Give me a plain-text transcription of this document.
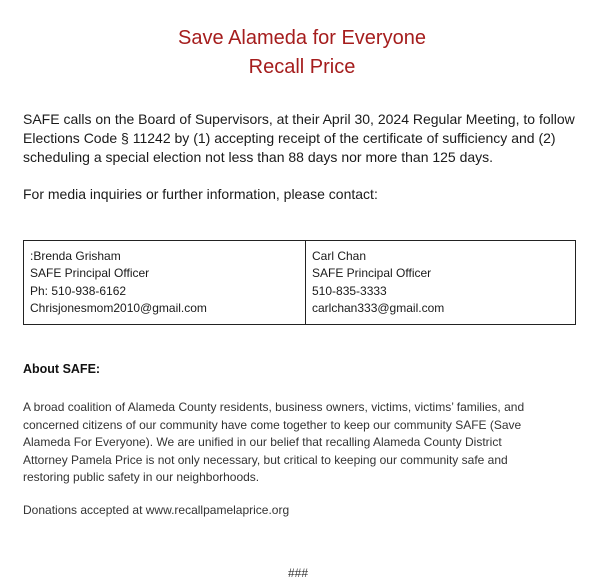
Save Alameda for Everyone
Recall Price
SAFE calls on the Board of Supervisors, at their April 30, 2024 Regular Meeting, to follow
Elections Code § 11242 by (1) accepting receipt of the certificate of sufficiency and (2)
scheduling a special election not less than 88 days nor more than 125 days.
For media inquiries or further information, please contact:
:Brenda Grisham
SAFE Principal Officer
Ph: 510-938-6162
Chrisjonesmom2010@gmail.com

Carl Chan
SAFE Principal Officer
510-835-3333
carlchan333@gmail.com
About SAFE:
A broad coalition of Alameda County residents, business owners, victims, victims’ families, and
concerned citizens of our community have come together to keep our community SAFE (Save
Alameda For Everyone). We are unified in our belief that recalling Alameda County District
Attorney Pamela Price is not only necessary, but critical to keeping our community safe and
restoring public safety in our neighborhoods.
Donations accepted at www.recallpamelaprice.org
###
